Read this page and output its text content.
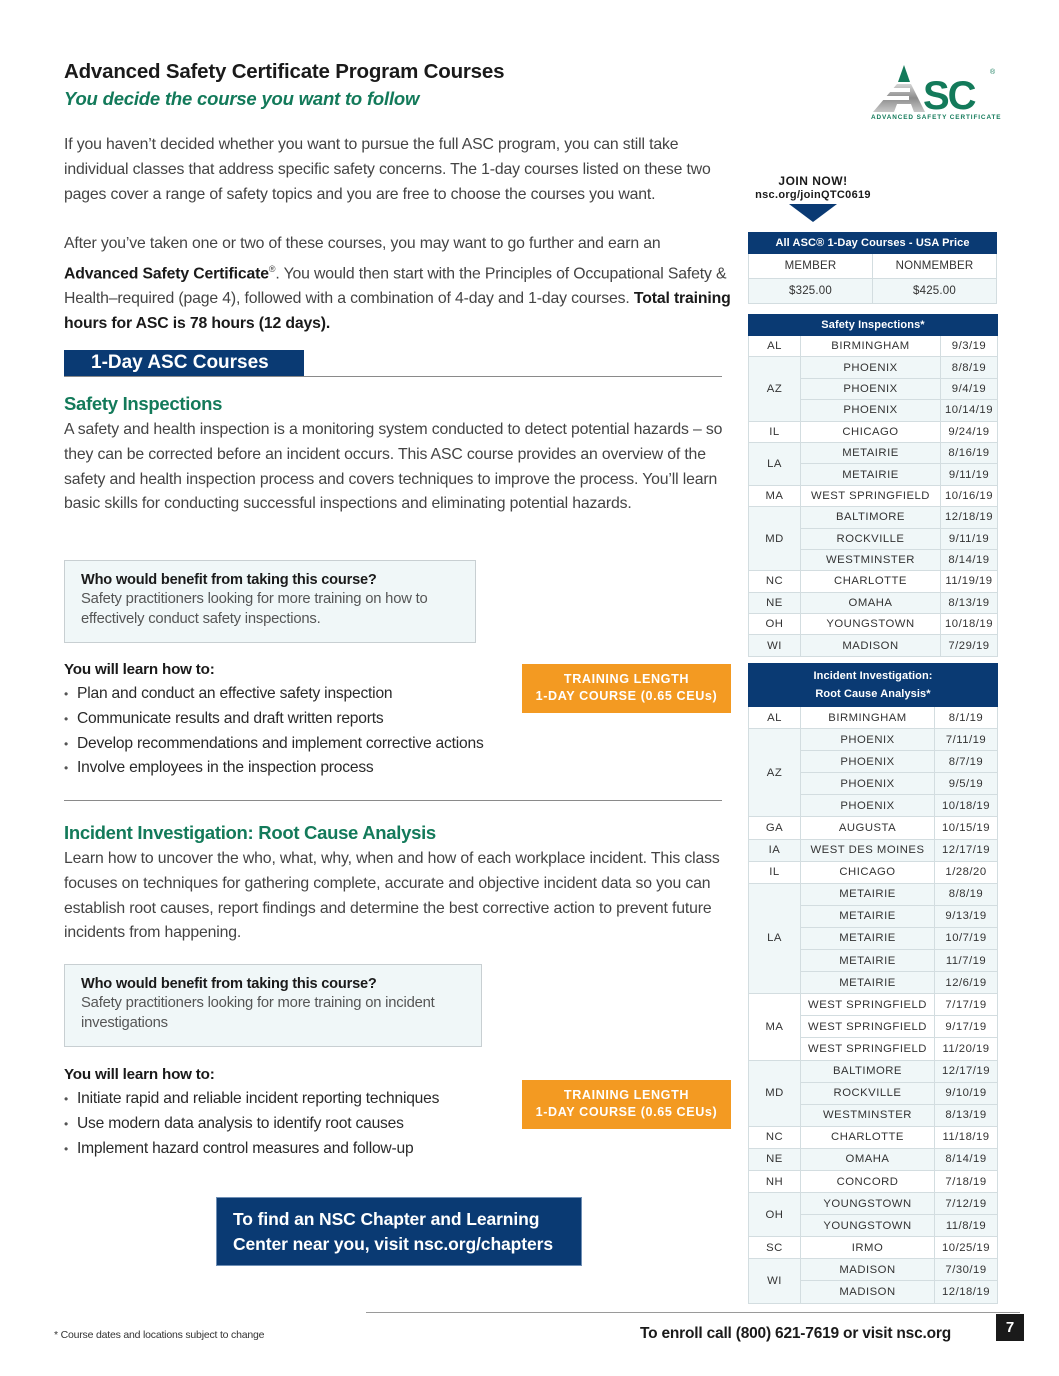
Advanced Safety Certificate Program Courses
You decide the course you want to follow	SC
®
ADVANCED SAFETY CERTIFICATE
If you haven’t decided whether you want to pursue the full ASC program, you can still take individual classes that address specific safety concerns. The 1-day courses listed on these two pages cover a range of safety topics and you are free to choose the courses you want.
After you’ve taken one or two of these courses, you may want to go further and earn an Advanced Safety Certificate®. You would then start with the Principles of Occupational Safety & Health–required (page 4), followed with a combination of 4-day and 1-day courses. Total training hours for ASC is 78 hours (12 days).
JOIN NOW!
nsc.org/joinQTC0619
All ASC® 1-Day Courses - USA Price	
MEMBER	NONMEMBER
$325.00	$425.00
Safety Inspections*		
AL	BIRMINGHAM	9/3/19
AZ	PHOENIX	8/8/19
	PHOENIX	9/4/19
	PHOENIX	10/14/19
IL	CHICAGO	9/24/19
LA	METAIRIE	8/16/19
	METAIRIE	9/11/19
MA	WEST SPRINGFIELD	10/16/19
MD	BALTIMORE	12/18/19
	ROCKVILLE	9/11/19
	WESTMINSTER	8/14/19
NC	CHARLOTTE	11/19/19
NE	OMAHA	8/13/19
OH	YOUNGSTOWN	10/18/19
WI	MADISON	7/29/19
Incident Investigation:
Root Cause Analysis*		
AL	BIRMINGHAM	8/1/19
AZ	PHOENIX	7/11/19
	PHOENIX	8/7/19
	PHOENIX	9/5/19
	PHOENIX	10/18/19
GA	AUGUSTA	10/15/19
IA	WEST DES MOINES	12/17/19
IL	CHICAGO	1/28/20
LA	METAIRIE	8/8/19
	METAIRIE	9/13/19
	METAIRIE	10/7/19
	METAIRIE	11/7/19
	METAIRIE	12/6/19
MA	WEST SPRINGFIELD	7/17/19
	WEST SPRINGFIELD	9/17/19
	WEST SPRINGFIELD	11/20/19
MD	BALTIMORE	12/17/19
	ROCKVILLE	9/10/19
	WESTMINSTER	8/13/19
NC	CHARLOTTE	11/18/19
NE	OMAHA	8/14/19
NH	CONCORD	7/18/19
OH	YOUNGSTOWN	7/12/19
	YOUNGSTOWN	11/8/19
SC	IRMO	10/25/19
WI	MADISON	7/30/19
	MADISON	12/18/19
1-Day ASC Courses
Safety Inspections
A safety and health inspection is a monitoring system conducted to detect potential hazards – so they can be corrected before an incident occurs. This ASC course provides an overview of the safety and health inspection process and covers techniques to improve the process. You’ll learn basic skills for conducting successful inspections and eliminating potential hazards.
Who would benefit from taking this course?
Safety practitioners looking for more training on how to effectively conduct safety inspections.
You will learn how to:
• Plan and conduct an effective safety inspection
• Communicate results and draft written reports
• Develop recommendations and implement corrective actions
• Involve employees in the inspection process
TRAINING LENGTH
1-DAY COURSE (0.65 CEUs)
Incident Investigation: Root Cause Analysis
Learn how to uncover the who, what, why, when and how of each workplace incident. This class focuses on techniques for gathering complete, accurate and objective incident data so you can establish root causes, report findings and determine the best corrective action to prevent future incidents from happening.
Who would benefit from taking this course?
Safety practitioners looking for more training on incident investigations
You will learn how to:
• Initiate rapid and reliable incident reporting techniques
• Use modern data analysis to identify root causes
• Implement hazard control measures and follow-up
TRAINING LENGTH
1-DAY COURSE (0.65 CEUs)
To find an NSC Chapter and Learning
Center near you, visit nsc.org/chapters
* Course dates and locations subject to change	To enroll call (800) 621-7619 or visit nsc.org	7
